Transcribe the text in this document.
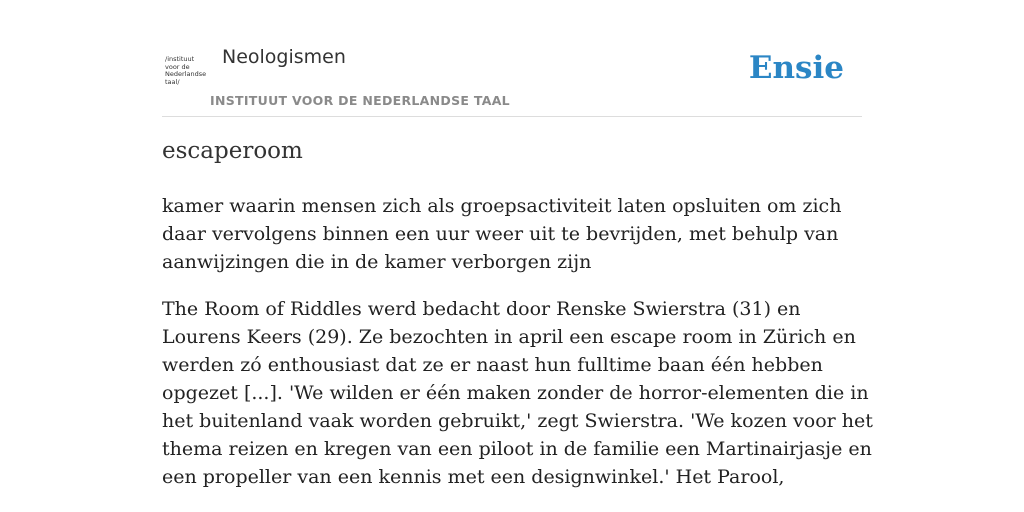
/instituut
voor de
Nederlandse
taal/
Neologismen
INSTITUUT VOOR DE NEDERLANDSE TAAL
Ensie
escaperoom

kamer waarin mensen zich als groepsactiviteit laten opsluiten om zich daar vervolgens binnen een uur weer uit te bevrijden, met behulp van aanwijzingen die in de kamer verborgen zijn

The Room of Riddles werd bedacht door Renske Swierstra (31) en Lourens Keers (29). Ze bezochten in april een escape room in Zürich en werden zó enthousiast dat ze er naast hun fulltime baan één hebben opgezet [...]. 'We wilden er één maken zonder de horror-elementen die in het buitenland vaak worden gebruikt,' zegt Swierstra. 'We kozen voor het thema reizen en kregen van een piloot in de familie een Martinairjasje en een propeller van een kennis met een designwinkel.' Het Parool,
